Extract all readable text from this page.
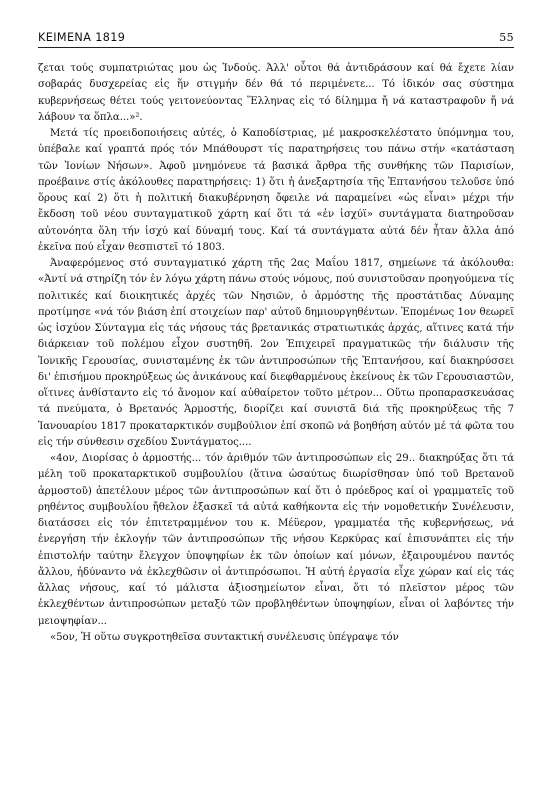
ΚΕΙΜΕΝΑ 1819	55

ζεται τούς συμπατριώτας μου ὡς Ἰνδούς. Ἀλλ' οὗτοι θά ἀντιδράσουν καί θά ἔχετε λίαν σοβαράς δυσχερείας εἰς ἥν στιγμήν δέν θά τό περιμένετε... Τό ἰδικόν σας σύστημα κυβερνήσεως θέτει τούς γειτονεύοντας Ἕλληνας εἰς τό δίλημμα ἤ νά καταστραφοῦν ἤ νά λάβουν τα ὅπλα...»².

Μετά τίς προειδοποιήσεις αὐτές, ὁ Καποδίστριας, μέ μακροσκελέστατο ὑπόμνημα του, ὑπέβαλε καί γραπτά πρός τόν Μπάθουρστ τίς παρατηρήσεις του πάνω στήν «κατάσταση τῶν Ἰονίων Νήσων». Ἀφοῦ μνημόνευε τά βασικά ἄρθρα τῆς συνθήκης τῶν Παρισίων, προέβαινε στίς ἀκόλουθες παρατηρήσεις: 1) ὅτι ἡ ἀνεξαρτησία τῆς Ἑπτανήσου τελοῦσε ὑπό ὅρους καί 2) ὅτι ἡ πολιτική διακυβέρνηση ὄφειλε νά παραμείνει «ὡς εἶναι» μέχρι τήν ἔκδοση τοῦ νέου συνταγματικοῦ χάρτη καί ὅτι τά «ἐν ἰσχύϊ» συντάγματα διατηροῦσαν αὐτονόητα ὅλη τήν ἰσχύ καί δύναμή τους. Καί τά συντάγματα αὐτά δέν ἦταν ἄλλα ἀπό ἐκεῖνα πού εἶχαν θεσπιστεῖ τό 1803.

Ἀναφερόμενος στό συνταγματικό χάρτη τῆς 2ας Μαΐου 1817, σημείωνε τά ἀκόλουθα: «Ἀντί νά στηρίζη τόν ἐν λόγω χάρτη πάνω στούς νόμους, πού συνιστοῦσαν προηγούμενα τίς πολιτικές καί διοικητικές ἀρχές τῶν Νησιῶν, ὁ ἁρμόστης τῆς προστάτιδας Δύναμης προτίμησε «νά τόν βιάση ἐπί στοιχείων παρ' αὐτοῦ δημιουργηθέντων. Ἐπομένως 1ον θεωρεῖ ὡς ἰσχύον Σύνταγμα εἰς τάς νήσους τάς βρετανικάς στρατιωτικάς ἀρχάς, αἵτινες κατά τήν διάρκειαν τοῦ πολέμου εἶχον συστηθῆ. 2ον Ἐπιχειρεῖ πραγματικῶς τήν διάλυσιν τῆς Ἰονικῆς Γερουσίας, συνισταμένης ἐκ τῶν ἀντιπροσώπων τῆς Ἑπτανήσου, καί διακηρύσσει δι' ἐπισήμου προκηρύξεως ὡς ἀνικάνους καί διεφθαρμένους ἐκείνους ἐκ τῶν Γερουσιαστῶν, οἵτινες ἀνθίσταντο εἰς τό ἄνομον καί αὐθαίρετον τοῦτο μέτρον... Οὕτω προπαρασκευάσας τά πνεύματα, ὁ Βρετανός Ἁρμοστής, διορίζει καί συνιστᾶ διά τῆς προκηρύξεως τῆς 7 Ἰανουαρίου 1817 προκαταρκτικόν συμβούλιον ἐπί σκοπῶ νά βοηθήση αὐτόν μέ τά φῶτα του εἰς τήν σύνθεσιν σχεδίου Συντάγματος....

«4ον, Διορίσας ὁ ἁρμοστής... τόν ἀριθμόν τῶν ἀντιπροσώπων εἰς 29.. διακηρύξας ὅτι τά μέλη τοῦ προκαταρκτικοῦ συμβουλίου (ἅτινα ὡσαύτως διωρίσθησαν ὑπό τοῦ Βρετανοῦ ἁρμοστοῦ) ἀπετέλουν μέρος τῶν ἀντιπροσώπων καί ὅτι ὁ πρόεδρος καί οἱ γραμματεῖς τοῦ ρηθέντος συμβουλίου ἤθελον ἐξασκεῖ τά αὐτά καθήκοντα εἰς τήν νομοθετικήν Συνέλευσιν, διατάσσει εἰς τόν ἐπιτετραμμένον του κ. Μέϋερον, γραμματέα τῆς κυβερνήσεως, νά ἐνεργήση τήν ἐκλογήν τῶν ἀντιπροσώπων τῆς νήσου Κερκύρας καί ἐπισυνάπτει εἰς τήν ἐπιστολήν ταύτην ἔλεγχον ὑποψηφίων ἐκ τῶν ὁποίων καί μόνων, ἐξαιρουμένου παντός ἄλλου, ἠδύναντο νά ἐκλεχθῶσιν οἱ ἀντιπρόσωποι. Ἡ αὐτή ἐργασία εἶχε χώραν καί εἰς τάς ἄλλας νήσους, καί τό μάλιστα ἀξιοσημείωτον εἶναι, ὅτι τό πλεῖστον μέρος τῶν ἐκλεχθέντων ἀντιπροσώπων μεταξύ τῶν προβληθέντων ὑποψηφίων, εἶναι οἱ λαβόντες τήν μειοψηφίαν...

«5ον, Ἡ οὕτω συγκροτηθεῖσα συντακτική συνέλευσις ὑπέγραψε τόν
